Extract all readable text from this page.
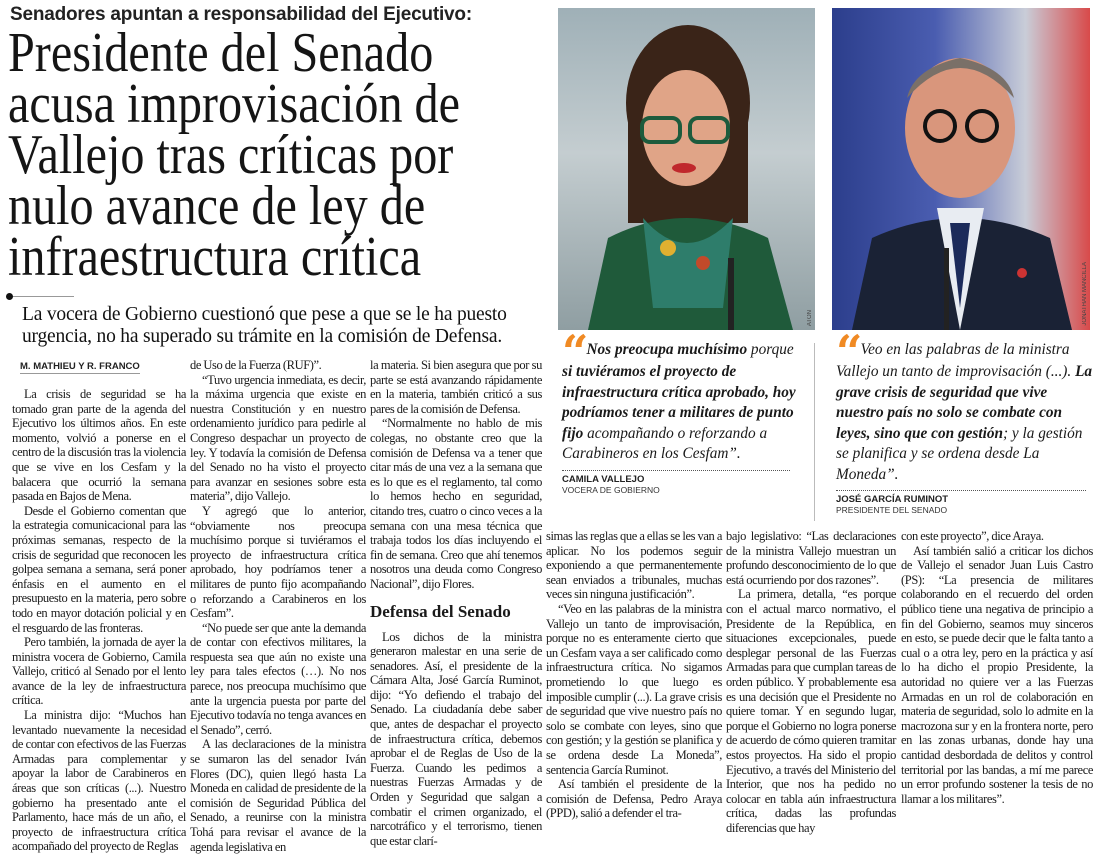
Senadores apuntan a responsabilidad del Ejecutivo:
Presidente del Senado
acusa improvisación de
Vallejo tras críticas por
nulo avance de ley de
infraestructura crítica
La vocera de Gobierno cuestionó que pese a que se le ha puesto urgencia, no ha superado su trámite en la comisión de Defensa.
M. MATHIEU Y R. FRANCO

La crisis de seguridad se ha tomado gran parte de la agenda del Ejecutivo los últimos años. En este momento, volvió a ponerse en el centro de la discusión tras la violencia que se vive en los Cesfam y la balacera que ocurrió la semana pasada en Bajos de Mena.

Desde el Gobierno comentan que la estrategia comunicacional para las próximas semanas, respecto de la crisis de seguridad que reconocen les golpea semana a semana, será poner énfasis en el aumento en el presupuesto en la materia, pero sobre todo en mayor dotación policial y en el resguardo de las fronteras.

Pero también, la jornada de ayer la ministra vocera de Gobierno, Camila Vallejo, criticó al Senado por el lento avance de la ley de infraestructura crítica.

La ministra dijo: “Muchos han levantado nuevamente la necesidad de contar con efectivos de las Fuerzas Armadas para complementar y apoyar la labor de Carabineros en áreas que son críticas (...). Nuestro gobierno ha presentado ante el Parlamento, hace más de un año, el proyecto de infraestructura crítica acompañado del proyecto de Reglas

de Uso de la Fuerza (RUF)”.

“Tuvo urgencia inmediata, es decir, la máxima urgencia que existe en nuestra Constitución y en nuestro ordenamiento jurídico para pedirle al Congreso despachar un proyecto de ley. Y todavía la comisión de Defensa del Senado no ha visto el proyecto para avanzar en sesiones sobre esta materia”, dijo Vallejo.

Y agregó que lo anterior, “obviamente nos preocupa muchísimo porque si tuviéramos el proyecto de infraestructura crítica aprobado, hoy podríamos tener a militares de punto fijo acompañando o reforzando a Carabineros en los Cesfam”.

“No puede ser que ante la demanda de contar con efectivos militares, la respuesta sea que aún no existe una ley para tales efectos (…). No nos parece, nos preocupa muchísimo que ante la urgencia puesta por parte del Ejecutivo todavía no tenga avances en el Senado”, cerró.

A las declaraciones de la ministra se sumaron las del senador Iván Flores (DC), quien llegó hasta La Moneda en calidad de presidente de la comisión de Seguridad Pública del Senado, a reunirse con la ministra Tohá para revisar el avance de la agenda legislativa en

la materia. Si bien asegura que por su parte se está avanzando rápidamente en la materia, también criticó a sus pares de la comisión de Defensa.

“Normalmente no hablo de mis colegas, no obstante creo que la comisión de Defensa va a tener que citar más de una vez a la semana que es lo que es el reglamento, tal como lo hemos hecho en seguridad, citando tres, cuatro o cinco veces a la semana con una mesa técnica que trabaja todos los días incluyendo el fin de semana. Creo que ahí tenemos nosotros una deuda como Congreso Nacional”, dijo Flores.

Defensa del Senado

Los dichos de la ministra generaron malestar en una serie de senadores. Así, el presidente de la Cámara Alta, José García Ruminot, dijo: “Yo defiendo el trabajo del Senado. La ciudadanía debe saber que, antes de despachar el proyecto de infraestructura crítica, debemos aprobar el de Reglas de Uso de la Fuerza. Cuando les pedimos a nuestras Fuerzas Armadas y de Orden y Seguridad que salgan a combatir el crimen organizado, el narcotráfico y el terrorismo, tienen que estar clarí-

simas las reglas que a ellas se les van a aplicar. No los podemos seguir exponiendo a que permanentemente sean enviados a tribunales, muchas veces sin ninguna justificación”.

“Veo en las palabras de la ministra Vallejo un tanto de improvisación, porque no es enteramente cierto que un Cesfam vaya a ser calificado como infraestructura crítica. No sigamos prometiendo lo que luego es imposible cumplir (...). La grave crisis de seguridad que vive nuestro país no solo se combate con leyes, sino que con gestión; y la gestión se planifica y se ordena desde La Moneda”, sentencia García Ruminot.

Así también el presidente de la comisión de Defensa, Pedro Araya (PPD), salió a defender el tra-

bajo legislativo: “Las declaraciones de la ministra Vallejo muestran un profundo desconocimiento de lo que está ocurriendo por dos razones”.

La primera, detalla, “es porque con el actual marco normativo, el Presidente de la República, en situaciones excepcionales, puede desplegar personal de las Fuerzas Armadas para que cumplan tareas de orden público. Y probablemente esa es una decisión que el Presidente no quiere tomar. Y en segundo lugar, porque el Gobierno no logra ponerse de acuerdo de cómo quieren tramitar estos proyectos. Ha sido el propio Ejecutivo, a través del Ministerio del Interior, que nos ha pedido no colocar en tabla aún infraestructura crítica, dadas las profundas diferencias que hay

con este proyecto”, dice Araya.

Así también salió a criticar los dichos de Vallejo el senador Juan Luis Castro (PS): “La presencia de militares colaborando en el recuerdo del orden público tiene una negativa de principio a fin del Gobierno, seamos muy sinceros en esto, se puede decir que le falta tanto a cual o a otra ley, pero en la práctica y así lo ha dicho el propio Presidente, la autoridad no quiere ver a las Fuerzas Armadas en un rol de colaboración en materia de seguridad, solo lo admite en la macrozona sur y en la frontera norte, pero en las zonas urbanas, donde hay una cantidad desbordada de delitos y control territorial por las bandas, a mí me parece un error profundo sostener la tesis de no llamar a los militares”.

ATON	JONATHAN MANCILLA
“ Nos preocupa muchísimo porque si tuviéramos el proyecto de infraestructura crítica aprobado, hoy podríamos tener a militares de punto fijo acompañando o reforzando a Carabineros en los Cesfam”.
CAMILA VALLEJO
VOCERA DE GOBIERNO
“ Veo en las palabras de la ministra Vallejo un tanto de improvisación (...). La grave crisis de seguridad que vive nuestro país no solo se combate con leyes, sino que con gestión; y la gestión se planifica y se ordena desde La Moneda”.
JOSÉ GARCÍA RUMINOT
PRESIDENTE DEL SENADO
